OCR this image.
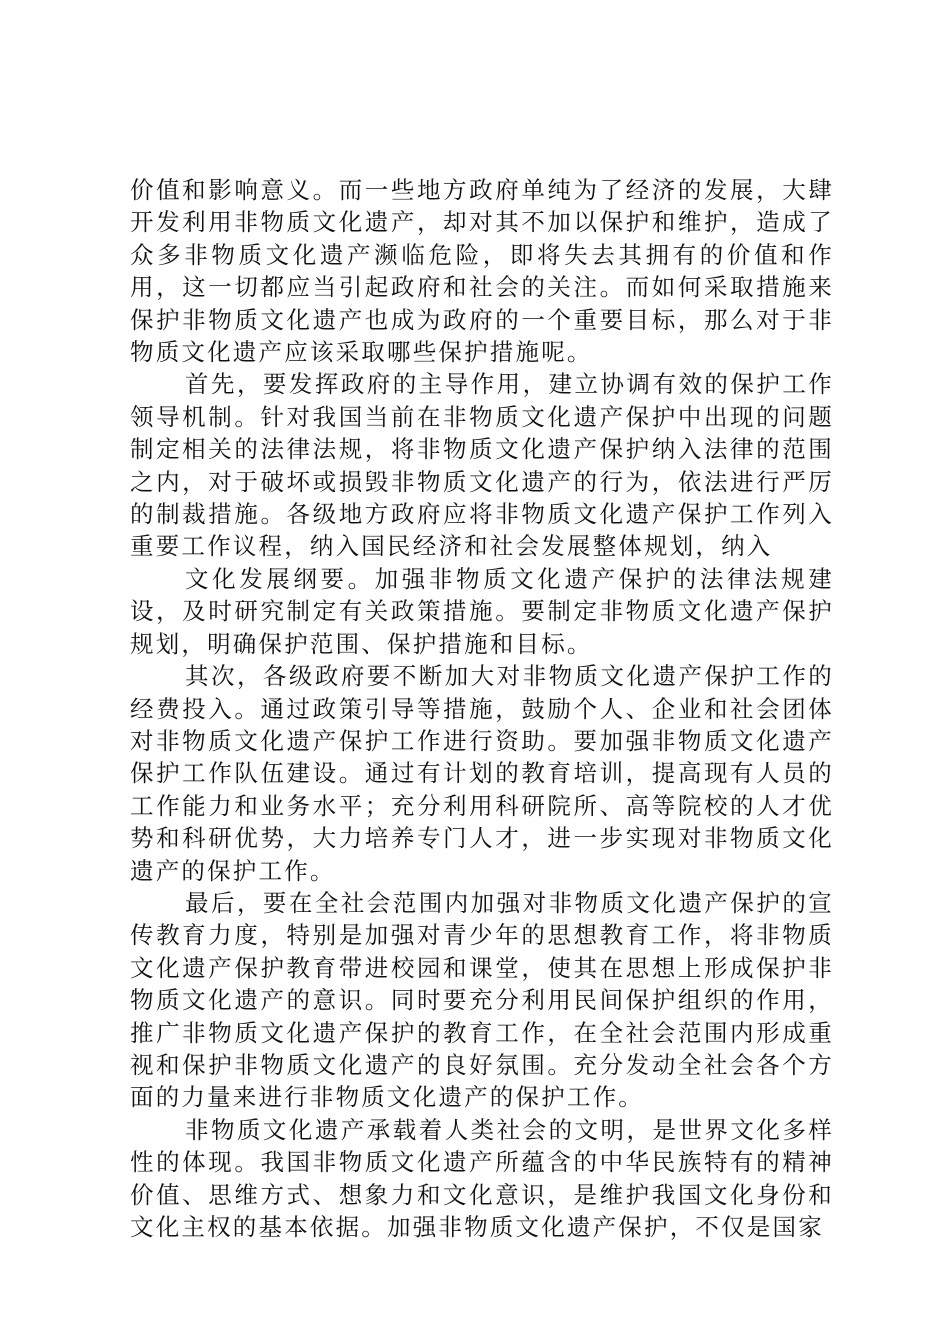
价值和影响意义。而一些地方政府单纯为了经济的发展，大肆开发利用非物质文化遗产，却对其不加以保护和维护，造成了众多非物质文化遗产濒临危险，即将失去其拥有的价值和作用，这一切都应当引起政府和社会的关注。而如何采取措施来保护非物质文化遗产也成为政府的一个重要目标，那么对于非物质文化遗产应该采取哪些保护措施呢。

首先，要发挥政府的主导作用，建立协调有效的保护工作领导机制。针对我国当前在非物质文化遗产保护中出现的问题制定相关的法律法规，将非物质文化遗产保护纳入法律的范围之内，对于破坏或损毁非物质文化遗产的行为，依法进行严厉的制裁措施。各级地方政府应将非物质文化遗产保护工作列入重要工作议程，纳入国民经济和社会发展整体规划，纳入

文化发展纲要。加强非物质文化遗产保护的法律法规建设，及时研究制定有关政策措施。要制定非物质文化遗产保护规划，明确保护范围、保护措施和目标。

其次，各级政府要不断加大对非物质文化遗产保护工作的经费投入。通过政策引导等措施，鼓励个人、企业和社会团体对非物质文化遗产保护工作进行资助。要加强非物质文化遗产保护工作队伍建设。通过有计划的教育培训，提高现有人员的工作能力和业务水平；充分利用科研院所、高等院校的人才优势和科研优势，大力培养专门人才，进一步实现对非物质文化遗产的保护工作。

最后，要在全社会范围内加强对非物质文化遗产保护的宣传教育力度，特别是加强对青少年的思想教育工作，将非物质文化遗产保护教育带进校园和课堂，使其在思想上形成保护非物质文化遗产的意识。同时要充分利用民间保护组织的作用，推广非物质文化遗产保护的教育工作，在全社会范围内形成重视和保护非物质文化遗产的良好氛围。充分发动全社会各个方面的力量来进行非物质文化遗产的保护工作。

非物质文化遗产承载着人类社会的文明，是世界文化多样性的体现。我国非物质文化遗产所蕴含的中华民族特有的精神价值、思维方式、想象力和文化意识，是维护我国文化身份和文化主权的基本依据。加强非物质文化遗产保护，不仅是国家
